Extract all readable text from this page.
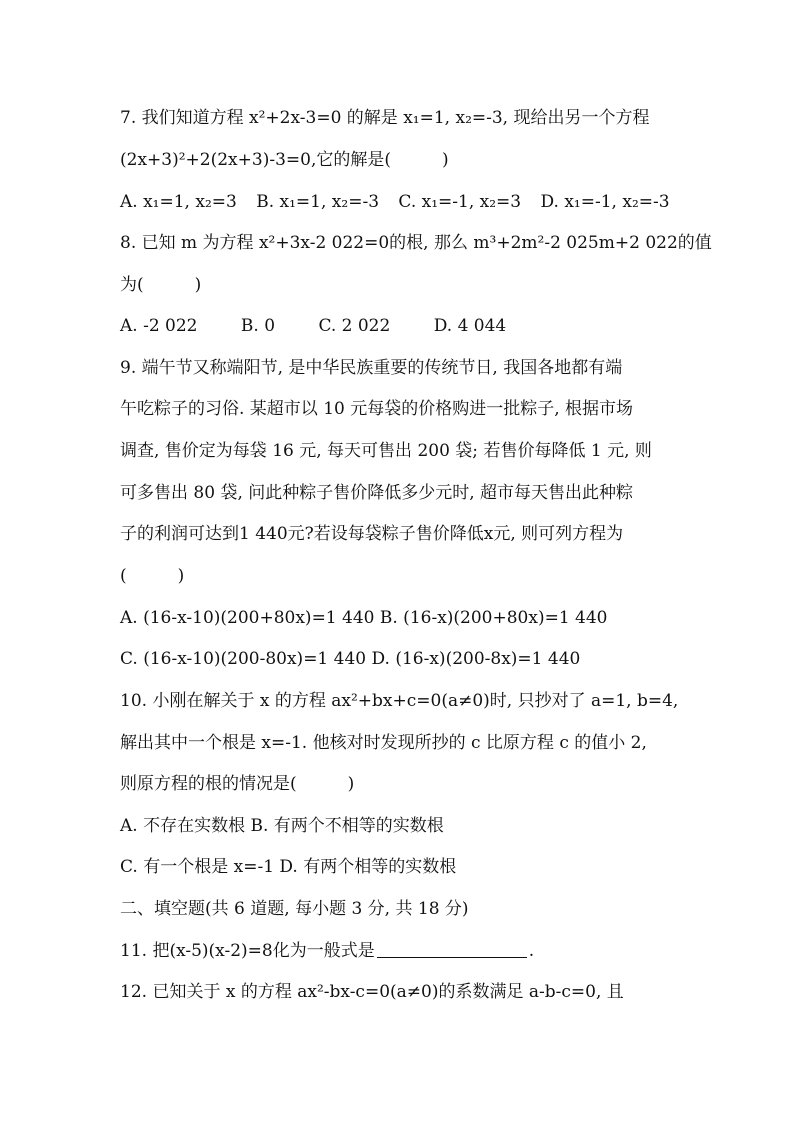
7. 我们知道方程 x²+2x-3=0 的解是 x₁=1, x₂=-3, 现给出另一个方程
(2x+3)²+2(2x+3)-3=0,它的解是(　　　)
A. x₁=1, x₂=3 B. x₁=1, x₂=-3 C. x₁=-1, x₂=3 D. x₁=-1, x₂=-3
8. 已知 m 为方程 x²+3x-2 022=0的根, 那么 m³+2m²-2 025m+2 022的值
为(　　　)
A. -2 022	B. 0	C. 2 022	D. 4 044
9. 端午节又称端阳节, 是中华民族重要的传统节日, 我国各地都有端
午吃粽子的习俗. 某超市以 10 元每袋的价格购进一批粽子, 根据市场
调查, 售价定为每袋 16 元, 每天可售出 200 袋; 若售价每降低 1 元, 则
可多售出 80 袋, 问此种粽子售价降低多少元时, 超市每天售出此种粽
子的利润可达到1 440元?若设每袋粽子售价降低x元, 则可列方程为
(　　　)
A. (16-x-10)(200+80x)=1 440 B. (16-x)(200+80x)=1 440
C. (16-x-10)(200-80x)=1 440 D. (16-x)(200-8x)=1 440
10. 小刚在解关于 x 的方程 ax²+bx+c=0(a≠0)时, 只抄对了 a=1, b=4,
解出其中一个根是 x=-1. 他核对时发现所抄的 c 比原方程 c 的值小 2,
则原方程的根的情况是(　　　)
A. 不存在实数根 B. 有两个不相等的实数根
C. 有一个根是 x=-1 D. 有两个相等的实数根
二、填空题(共 6 道题, 每小题 3 分, 共 18 分)
11. 把(x-5)(x-2)=8化为一般式是	.
12. 已知关于 x 的方程 ax²-bx-c=0(a≠0)的系数满足 a-b-c=0, 且
